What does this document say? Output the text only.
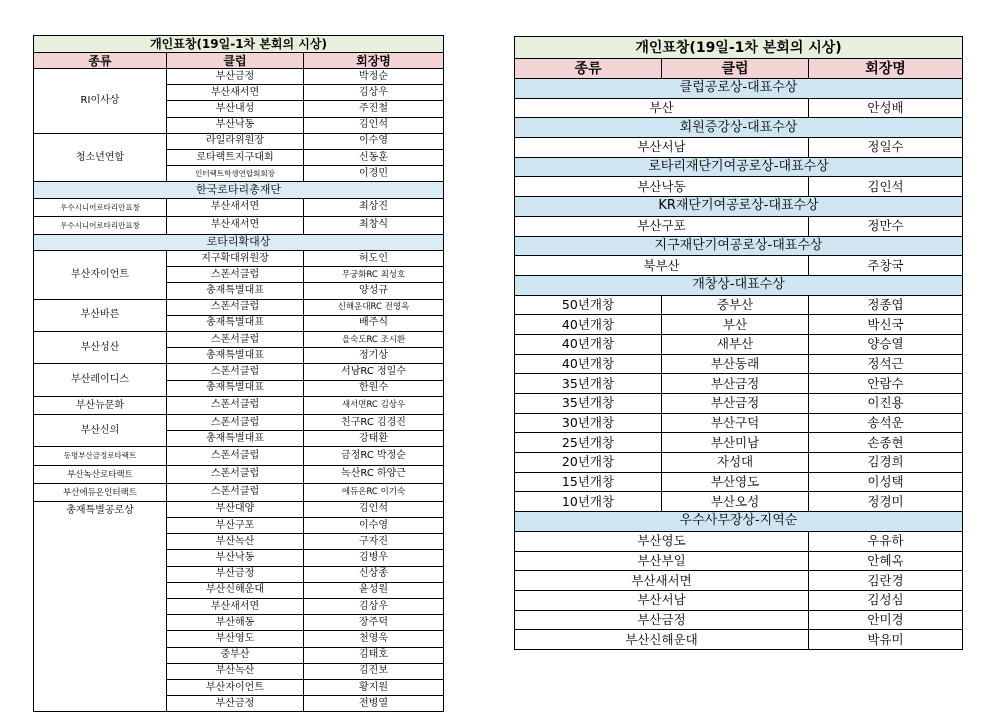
개인표창(19일-1차 본회의 시상)		
종류	클럽	회장명
RI이사상	부산금정	박정순
	부산새서면	김상우
	부산내성	주진철
	부산낙동	김인석
청소년연합	라일라위원장	이수영
	로타랙트지구대회	신동훈
	인터랙트학생연합회회장	이경민
한국로타리총재단		
우수시니어로타리안표창	부산새서면	최상진
우수시니어로타리안표창	부산새서면	최창식
로타리확대상		
부산자이언트	지구확대위원장	허도인
	스폰서클럽	무궁화RC 최성호
	총재특별대표	양성규
부산바른	스폰서클럽	신해운대RC 전영옥
	총재특별대표	배주식
부산성산	스폰서클럽	을숙도RC 조시환
	총재특별대표	정기상
부산레이디스	스폰서클럽	서남RC 정일수
	총재특별대표	한원수
부산뉴문화	스폰서클럽	새서면RC 김상우
부산신의	스폰서클럽	친구RC 김경진
	총재특별대표	강태환
동명부산금정로타랙트	스폰서클럽	금정RC 박정순
부산녹산로타랙트	스폰서클럽	녹산RC 하양근
부산에듀온인터랙트	스폰서클럽	에듀온RC 이기숙
총재특별공로상	부산대양	김인석
	부산구포	이수영
	부산녹산	구자진
	부산낙동	김병우
	부산금정	신상종
	부산신해운대	윤성원
	부산새서면	김상우
	부산해동	장주덕
	부산영도	천영욱
	중부산	김태호
	부산녹산	김진보
	부산자이언트	황지원
	부산금정	전병열
개인표창(19일-1차 본회의 시상)		
종류	클럽	회장명
클럽공로상-대표수상		
부산		안성배
회원증강상-대표수상		
부산서남		정일수
로타리재단기여공로상-대표수상		
부산낙동		김인석
KR재단기여공로상-대표수상		
부산구포		정만수
지구재단기여공로상-대표수상		
북부산		주창국
개창상-대표수상		
50년개창	중부산	정종엽
40년개창	부산	박신국
40년개창	새부산	양승열
40년개창	부산동래	정석근
35년개창	부산금정	안람수
35년개창	부산금정	이진용
30년개창	부산구덕	송석운
25년개창	부산미남	손종현
20년개창	자성대	김경희
15년개창	부산영도	이성택
10년개창	부산오성	정경미
우수사무장상-지역순		
부산영도		우유하
부산부일		안혜옥
부산새서면		김란경
부산서남		김성심
부산금정		안미경
부산신해운대		박유미
